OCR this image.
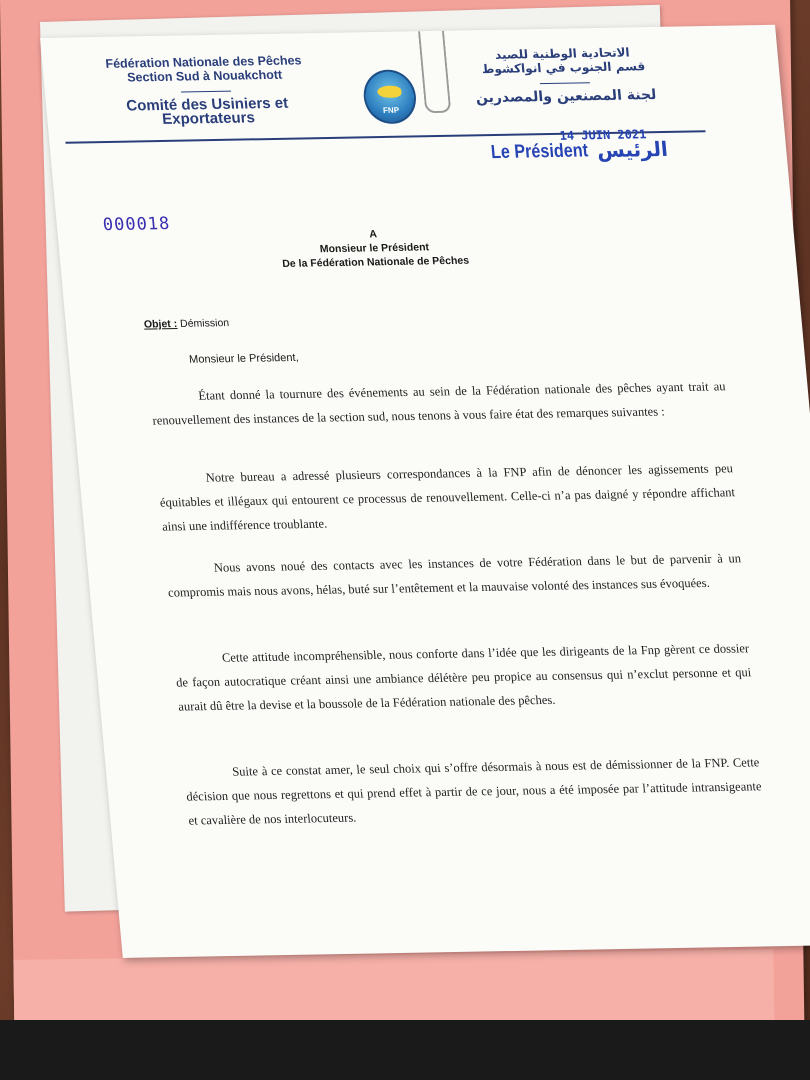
Fédération Nationale des Pêches
Section Sud à Nouakchott
Comité des Usiniers et Exportateurs	FNP
الاتحادية الوطنية للصيد
قسم الجنوب في انواكشوط
لجنة المصنعين والمصدرين
14 JUIN 2021
Le Président الرئيس
000018	A
Monsieur le Président
De la Fédération Nationale de Pêches
Objet : Démission
Monsieur le Président,
Étant donné la tournure des événements au sein de la Fédération nationale des pêches ayant trait au renouvellement des instances de la section sud, nous tenons à vous faire état des remarques suivantes :
Notre bureau a adressé plusieurs correspondances à la FNP afin de dénoncer les agissements peu équitables et illégaux qui entourent ce processus de renouvellement. Celle-ci n’a pas daigné y répondre affichant ainsi une indifférence troublante.
Nous avons noué des contacts avec les instances de votre Fédération dans le but de parvenir à un compromis mais nous avons, hélas, buté sur l’entêtement et la mauvaise volonté des instances sus évoquées.
Cette attitude incompréhensible, nous conforte dans l’idée que les dirigeants de la Fnp gèrent ce dossier de façon autocratique créant ainsi une ambiance délétère peu propice au consensus qui n’exclut personne et qui aurait dû être la devise et la boussole de la Fédération nationale des pêches.
Suite à ce constat amer, le seul choix qui s’offre désormais à nous est de démissionner de la FNP. Cette décision que nous regrettons et qui prend effet à partir de ce jour, nous a été imposée par l’attitude intransigeante et cavalière de nos interlocuteurs.
